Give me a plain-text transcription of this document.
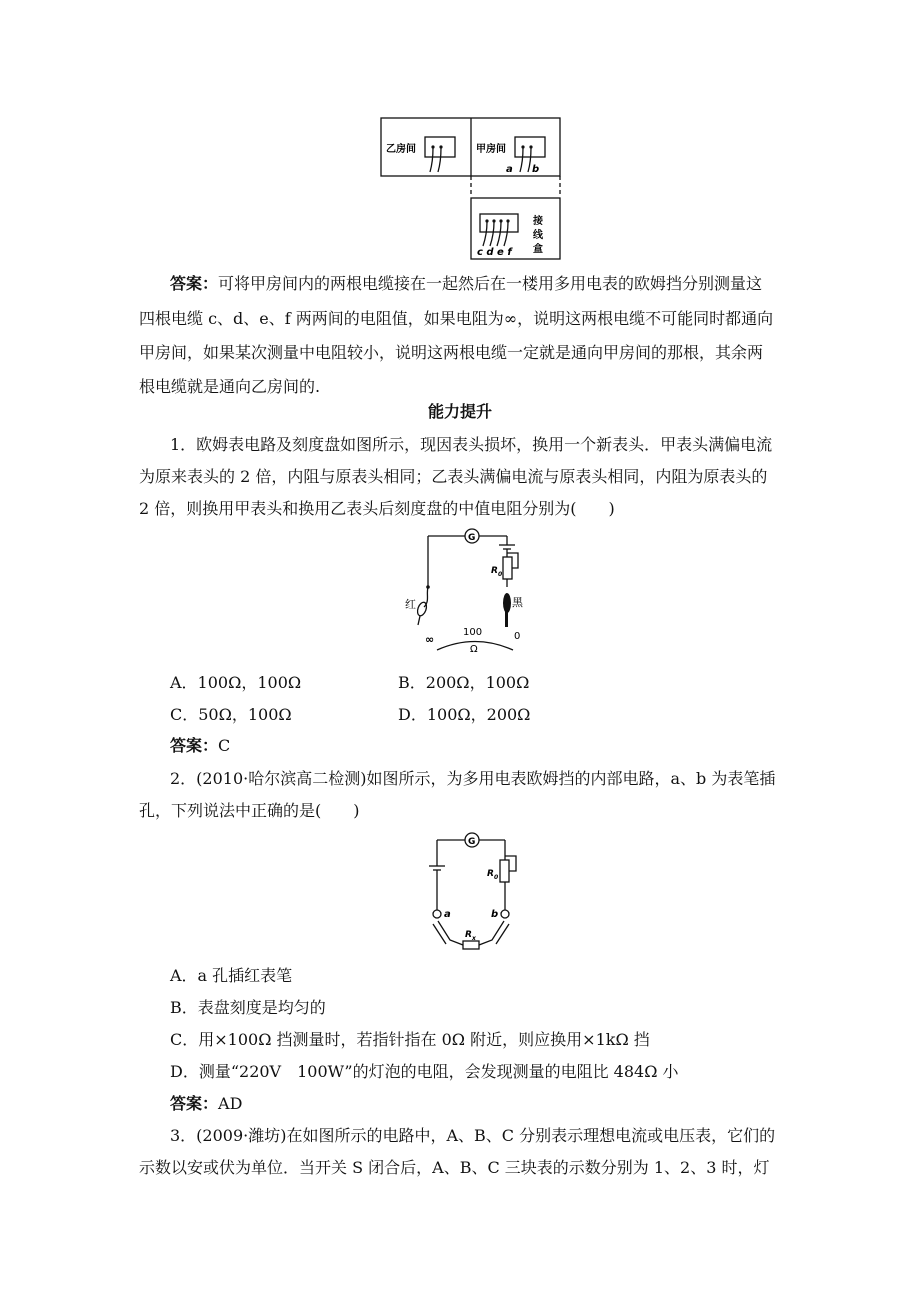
乙房间	甲房间
a b
c d e f
接
线
盒
答案：可将甲房间内的两根电缆接在一起然后在一楼用多用电表的欧姆挡分别测量这
四根电缆 c、d、e、f 两两间的电阻值，如果电阻为∞，说明这两根电缆不可能同时都通向
甲房间，如果某次测量中电阻较小，说明这两根电缆一定就是通向甲房间的那根，其余两
根电缆就是通向乙房间的.
能力提升
1．欧姆表电路及刻度盘如图所示，现因表头损坏，换用一个新表头．甲表头满偏电流
为原来表头的 2 倍，内阻与原表头相同；乙表头满偏电流与原表头相同，内阻为原表头的
2 倍，则换用甲表头和换用乙表头后刻度盘的中值电阻分别为(　　)
G
$R_0$
红	黑
∞
100	0
Ω
A．100Ω，100Ω	B．200Ω，100Ω
C．50Ω，100Ω	D．100Ω，200Ω
答案：C
2．(2010·哈尔滨高二检测)如图所示，为多用电表欧姆挡的内部电路，a、b 为表笔插
孔，下列说法中正确的是(　　)
G
$R_0$
a	b
$R_x$
A．a 孔插红表笔
B．表盘刻度是均匀的
C．用×100Ω 挡测量时，若指针指在 0Ω 附近，则应换用×1kΩ 挡
D．测量“220V　100W”的灯泡的电阻，会发现测量的电阻比 484Ω 小
答案：AD
3．(2009·潍坊)在如图所示的电路中，A、B、C 分别表示理想电流或电压表，它们的
示数以安或伏为单位．当开关 S 闭合后，A、B、C 三块表的示数分别为 1、2、3 时，灯
